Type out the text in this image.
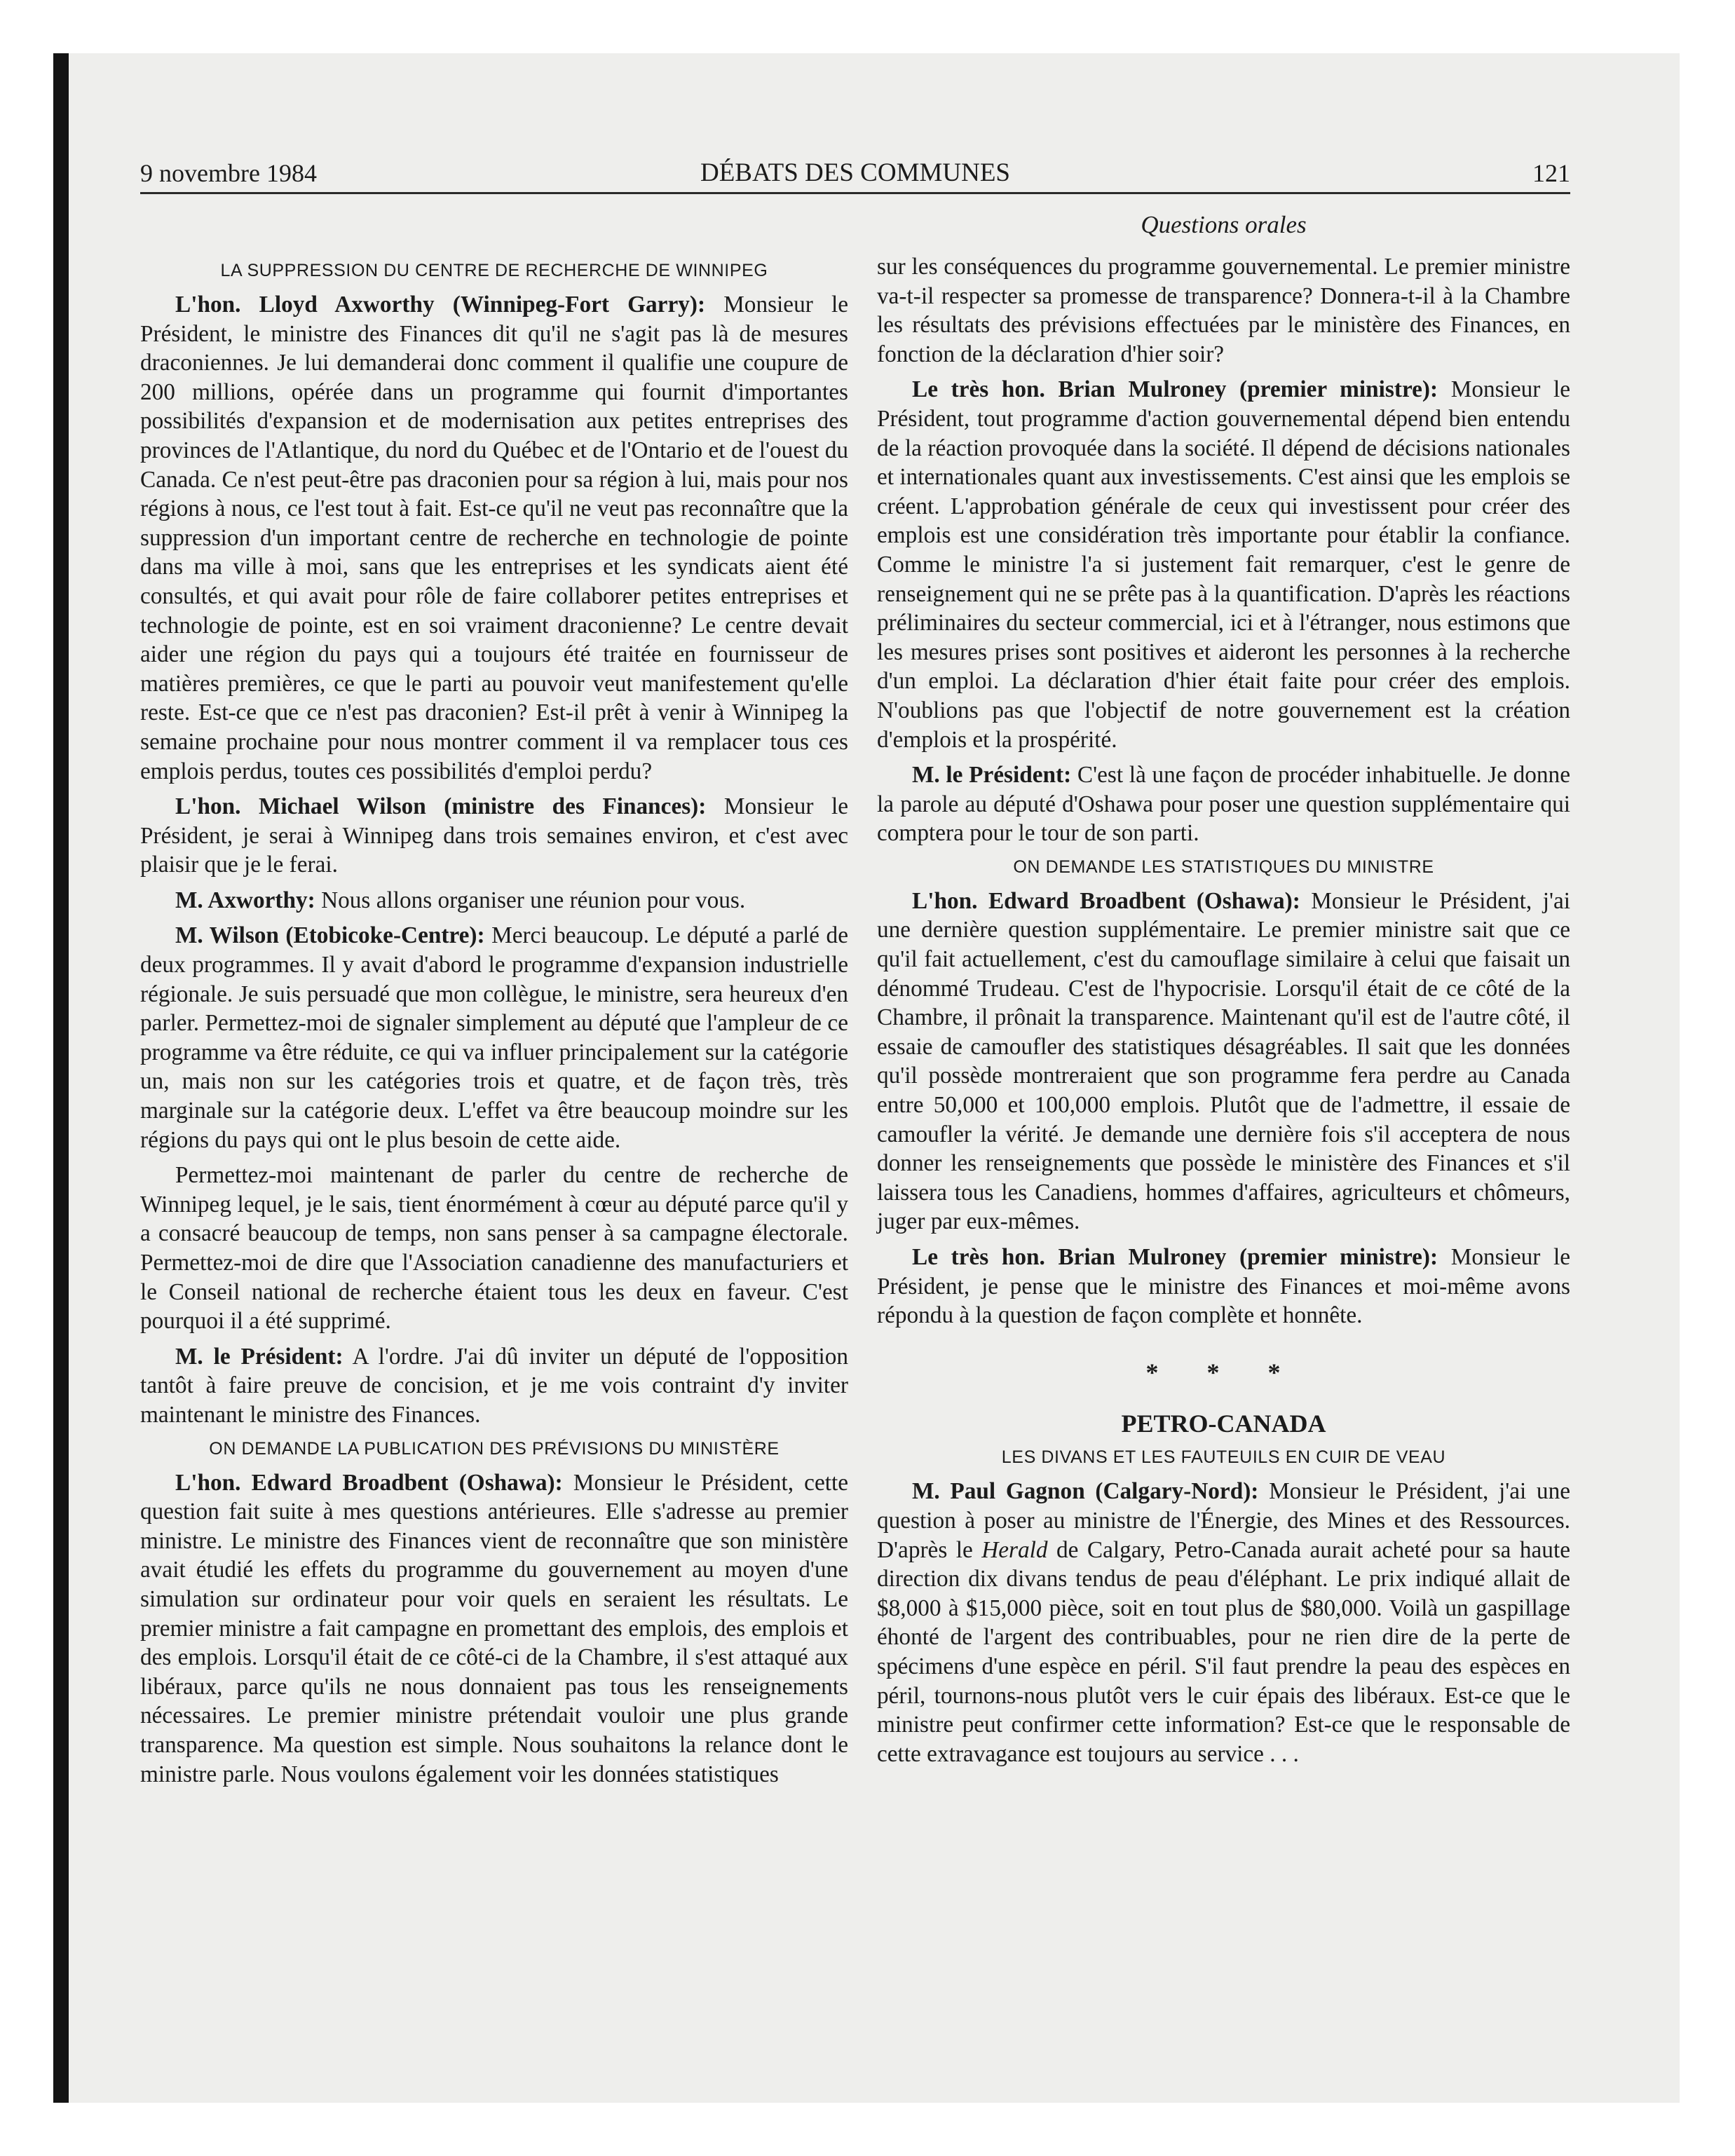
9 novembre 1984	DÉBATS DES COMMUNES	121
Questions orales
LA SUPPRESSION DU CENTRE DE RECHERCHE DE WINNIPEG

L'hon. Lloyd Axworthy (Winnipeg-Fort Garry): Monsieur le Président, le ministre des Finances dit qu'il ne s'agit pas là de mesures draconiennes. Je lui demanderai donc comment il qualifie une coupure de 200 millions, opérée dans un programme qui fournit d'importantes possibilités d'expansion et de modernisation aux petites entreprises des provinces de l'Atlantique, du nord du Québec et de l'Ontario et de l'ouest du Canada. Ce n'est peut-être pas draconien pour sa région à lui, mais pour nos régions à nous, ce l'est tout à fait. Est-ce qu'il ne veut pas reconnaître que la suppression d'un important centre de recherche en technologie de pointe dans ma ville à moi, sans que les entreprises et les syndicats aient été consultés, et qui avait pour rôle de faire collaborer petites entreprises et technologie de pointe, est en soi vraiment draconienne? Le centre devait aider une région du pays qui a toujours été traitée en fournisseur de matières premières, ce que le parti au pouvoir veut manifestement qu'elle reste. Est-ce que ce n'est pas draconien? Est-il prêt à venir à Winnipeg la semaine prochaine pour nous montrer comment il va remplacer tous ces emplois perdus, toutes ces possibilités d'emploi perdu?

L'hon. Michael Wilson (ministre des Finances): Monsieur le Président, je serai à Winnipeg dans trois semaines environ, et c'est avec plaisir que je le ferai.

M. Axworthy: Nous allons organiser une réunion pour vous.

M. Wilson (Etobicoke-Centre): Merci beaucoup. Le député a parlé de deux programmes. Il y avait d'abord le programme d'expansion industrielle régionale. Je suis persuadé que mon collègue, le ministre, sera heureux d'en parler. Permettez-moi de signaler simplement au député que l'ampleur de ce programme va être réduite, ce qui va influer principalement sur la catégorie un, mais non sur les catégories trois et quatre, et de façon très, très marginale sur la catégorie deux. L'effet va être beaucoup moindre sur les régions du pays qui ont le plus besoin de cette aide.

Permettez-moi maintenant de parler du centre de recherche de Winnipeg lequel, je le sais, tient énormément à cœur au député parce qu'il y a consacré beaucoup de temps, non sans penser à sa campagne électorale. Permettez-moi de dire que l'Association canadienne des manufacturiers et le Conseil national de recherche étaient tous les deux en faveur. C'est pourquoi il a été supprimé.

M. le Président: A l'ordre. J'ai dû inviter un député de l'opposition tantôt à faire preuve de concision, et je me vois contraint d'y inviter maintenant le ministre des Finances.

ON DEMANDE LA PUBLICATION DES PRÉVISIONS DU MINISTÈRE

L'hon. Edward Broadbent (Oshawa): Monsieur le Président, cette question fait suite à mes questions antérieures. Elle s'adresse au premier ministre. Le ministre des Finances vient de reconnaître que son ministère avait étudié les effets du programme du gouvernement au moyen d'une simulation sur ordinateur pour voir quels en seraient les résultats. Le premier ministre a fait campagne en promettant des emplois, des emplois et des emplois. Lorsqu'il était de ce côté-ci de la Chambre, il s'est attaqué aux libéraux, parce qu'ils ne nous donnaient pas tous les renseignements nécessaires. Le premier ministre prétendait vouloir une plus grande transparence. Ma question est simple. Nous souhaitons la relance dont le ministre parle. Nous voulons également voir les données statistiques

sur les conséquences du programme gouvernemental. Le premier ministre va-t-il respecter sa promesse de transparence? Donnera-t-il à la Chambre les résultats des prévisions effectuées par le ministère des Finances, en fonction de la déclaration d'hier soir?

Le très hon. Brian Mulroney (premier ministre): Monsieur le Président, tout programme d'action gouvernemental dépend bien entendu de la réaction provoquée dans la société. Il dépend de décisions nationales et internationales quant aux investissements. C'est ainsi que les emplois se créent. L'approbation générale de ceux qui investissent pour créer des emplois est une considération très importante pour établir la confiance. Comme le ministre l'a si justement fait remarquer, c'est le genre de renseignement qui ne se prête pas à la quantification. D'après les réactions préliminaires du secteur commercial, ici et à l'étranger, nous estimons que les mesures prises sont positives et aideront les personnes à la recherche d'un emploi. La déclaration d'hier était faite pour créer des emplois. N'oublions pas que l'objectif de notre gouvernement est la création d'emplois et la prospérité.

M. le Président: C'est là une façon de procéder inhabituelle. Je donne la parole au député d'Oshawa pour poser une question supplémentaire qui comptera pour le tour de son parti.

ON DEMANDE LES STATISTIQUES DU MINISTRE

L'hon. Edward Broadbent (Oshawa): Monsieur le Président, j'ai une dernière question supplémentaire. Le premier ministre sait que ce qu'il fait actuellement, c'est du camouflage similaire à celui que faisait un dénommé Trudeau. C'est de l'hypocrisie. Lorsqu'il était de ce côté de la Chambre, il prônait la transparence. Maintenant qu'il est de l'autre côté, il essaie de camoufler des statistiques désagréables. Il sait que les données qu'il possède montreraient que son programme fera perdre au Canada entre 50,000 et 100,000 emplois. Plutôt que de l'admettre, il essaie de camoufler la vérité. Je demande une dernière fois s'il acceptera de nous donner les renseignements que possède le ministère des Finances et s'il laissera tous les Canadiens, hommes d'affaires, agriculteurs et chômeurs, juger par eux-mêmes.

Le très hon. Brian Mulroney (premier ministre): Monsieur le Président, je pense que le ministre des Finances et moi-même avons répondu à la question de façon complète et honnête.

* * *
PETRO-CANADA
LES DIVANS ET LES FAUTEUILS EN CUIR DE VEAU

M. Paul Gagnon (Calgary-Nord): Monsieur le Président, j'ai une question à poser au ministre de l'Énergie, des Mines et des Ressources. D'après le Herald de Calgary, Petro-Canada aurait acheté pour sa haute direction dix divans tendus de peau d'éléphant. Le prix indiqué allait de $8,000 à $15,000 pièce, soit en tout plus de $80,000. Voilà un gaspillage éhonté de l'argent des contribuables, pour ne rien dire de la perte de spécimens d'une espèce en péril. S'il faut prendre la peau des espèces en péril, tournons-nous plutôt vers le cuir épais des libéraux. Est-ce que le ministre peut confirmer cette information? Est-ce que le responsable de cette extravagance est toujours au service . . .
